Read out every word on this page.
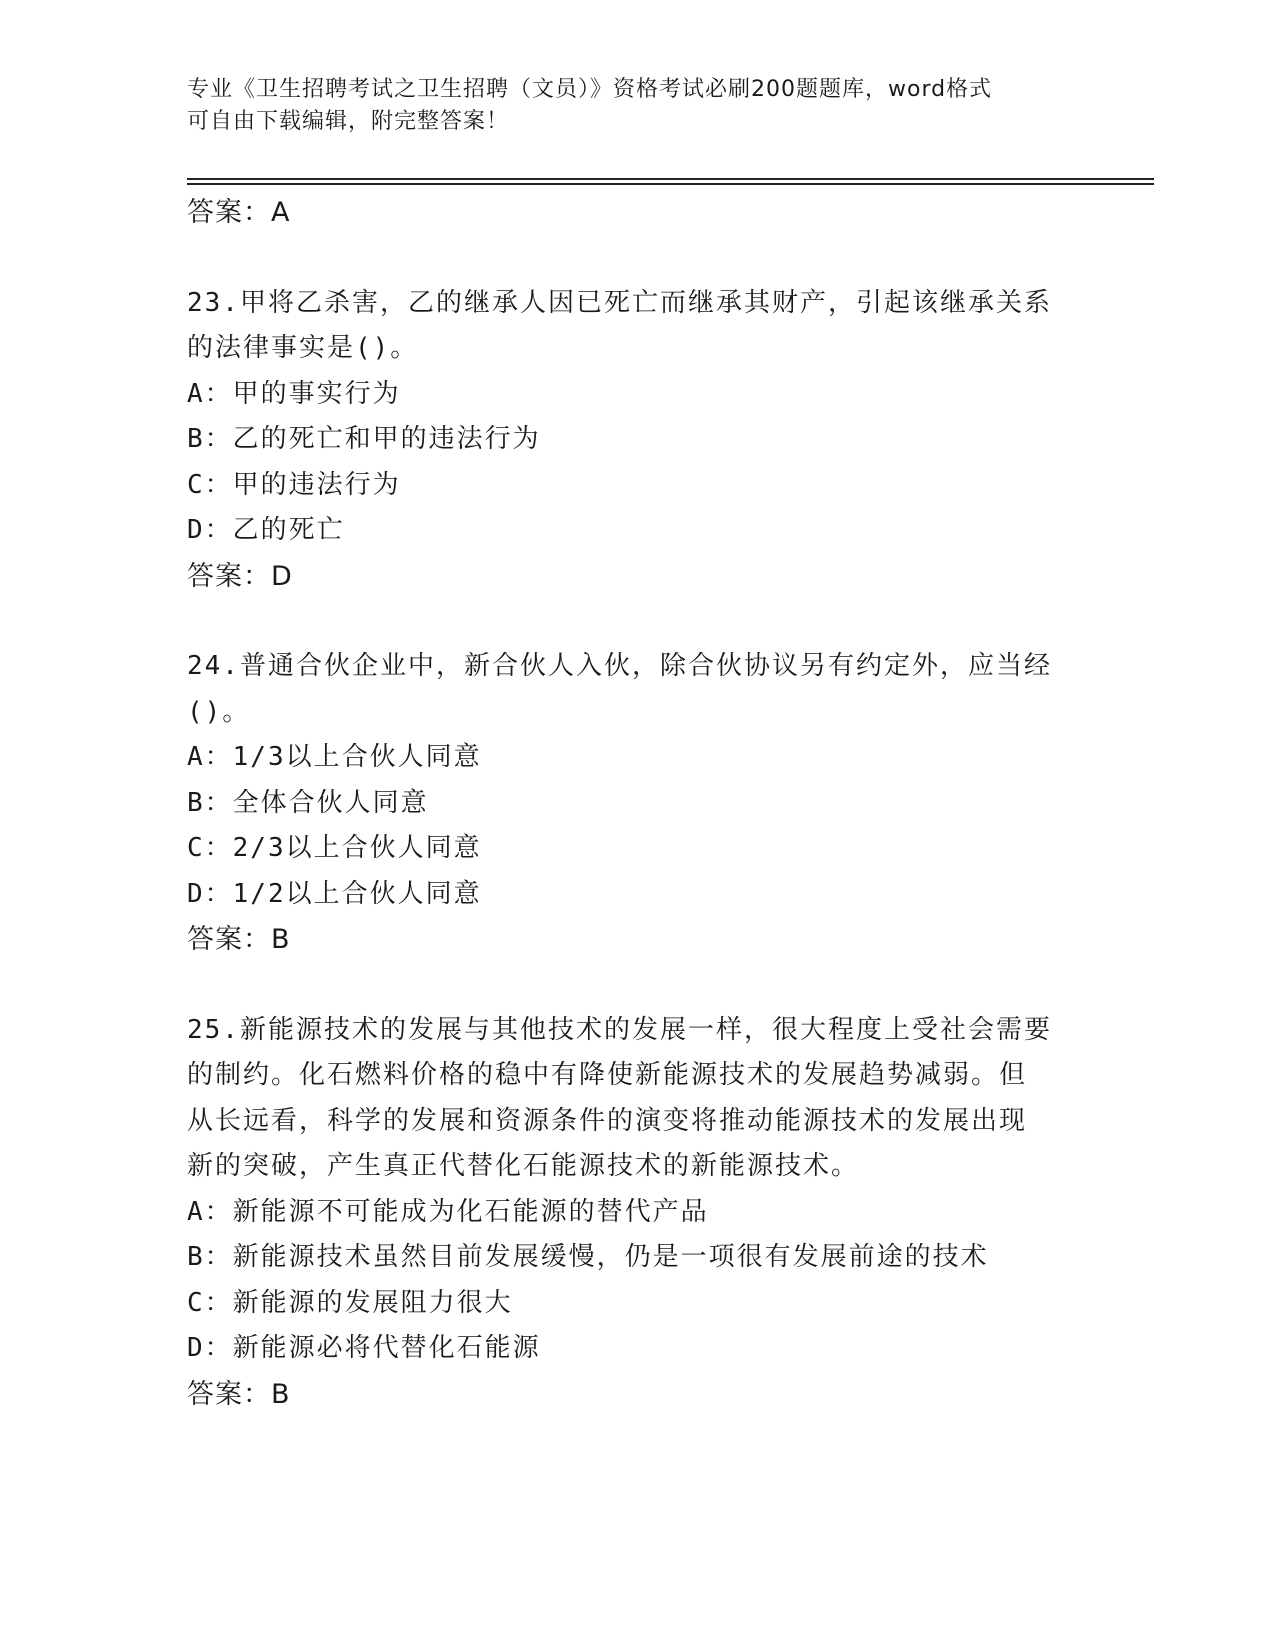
专业《卫生招聘考试之卫生招聘（文员）》资格考试必刷200题题库，word格式
可自由下载编辑，附完整答案！
答案：A
23.甲将乙杀害，乙的继承人因已死亡而继承其财产，引起该继承关系
的法律事实是()。
A：甲的事实行为
B：乙的死亡和甲的违法行为
C：甲的违法行为
D：乙的死亡
答案：D
24.普通合伙企业中，新合伙人入伙，除合伙协议另有约定外，应当经
()。
A：1/3以上合伙人同意
B：全体合伙人同意
C：2/3以上合伙人同意
D：1/2以上合伙人同意
答案：B
25.新能源技术的发展与其他技术的发展一样，很大程度上受社会需要
的制约。化石燃料价格的稳中有降使新能源技术的发展趋势减弱。但
从长远看，科学的发展和资源条件的演变将推动能源技术的发展出现
新的突破，产生真正代替化石能源技术的新能源技术。
A：新能源不可能成为化石能源的替代产品
B：新能源技术虽然目前发展缓慢，仍是一项很有发展前途的技术
C：新能源的发展阻力很大
D：新能源必将代替化石能源
答案：B
